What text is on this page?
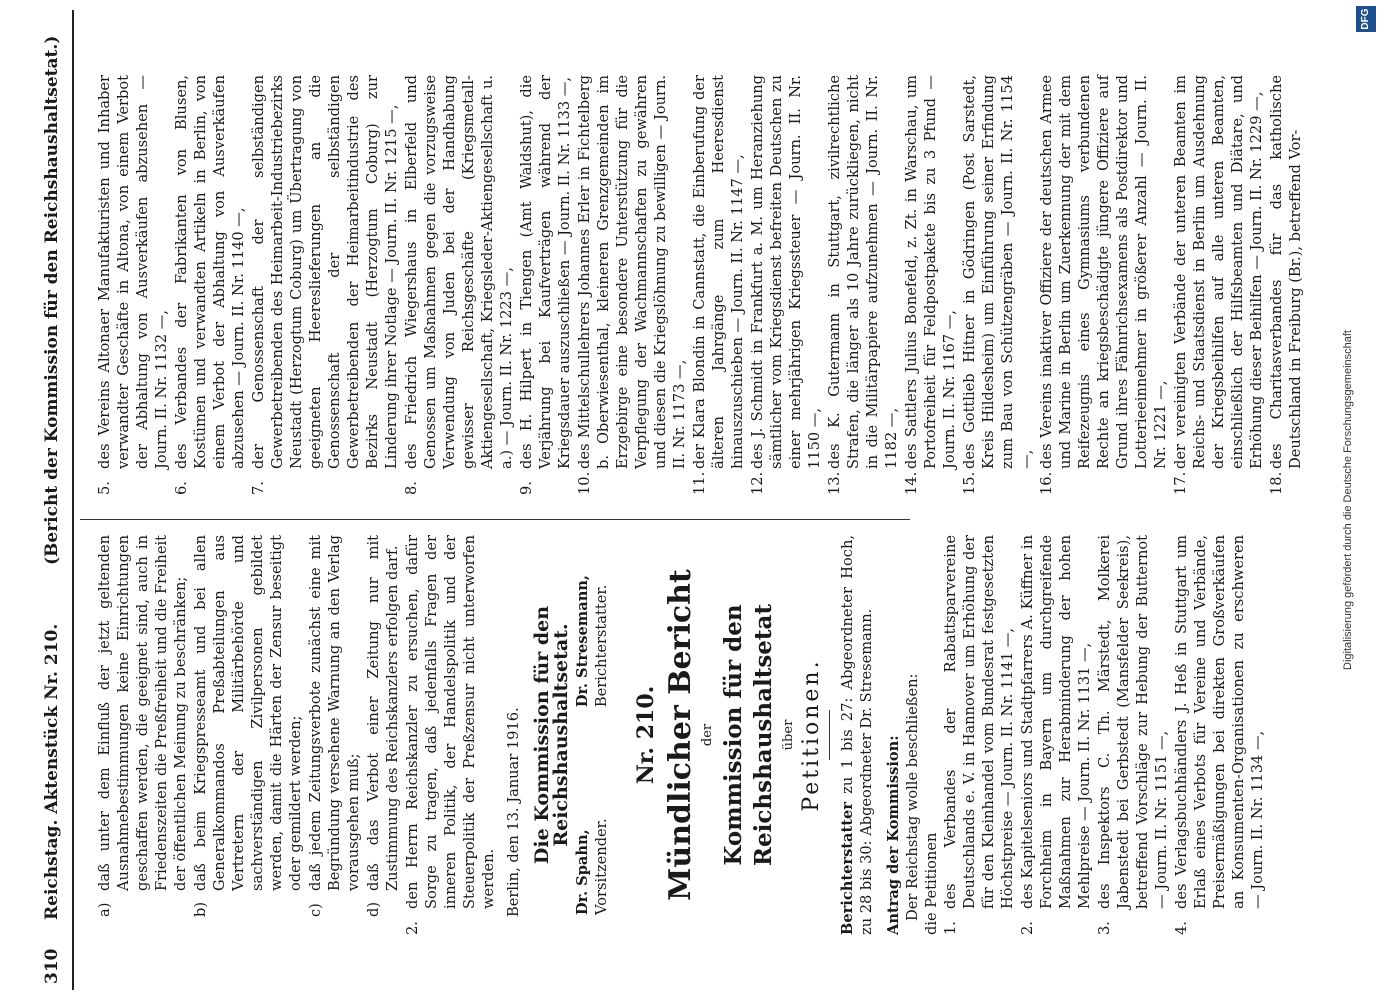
310
Reichstag. Aktenstück Nr. 210.
(Bericht der Kommission für den Reichshaushaltsetat.)
a)
daß unter dem Einfluß der jetzt geltenden Ausnahmebestimmungen keine Einrichtungen geschaffen werden, die geeignet sind, auch in Friedenszeiten die Preßfreiheit und die Freiheit der öffentlichen Meinung zu beschränken;
b)
daß beim Kriegspresseamt und bei allen Generalkommandos Preßabteilungen aus Vertretern der Militärbehörde und sachverständigen Zivilpersonen gebildet werden, damit die Härten der Zensur beseitigt oder gemildert werden;
c)
daß jedem Zeitungsverbote zunächst eine mit Begründung versehene Warnung an den Verlag vorausgehen muß;
d)
daß das Verbot einer Zeitung nur mit Zustimmung des Reichskanzlers erfolgen darf.
2.
den Herrn Reichskanzler zu ersuchen, dafür Sorge zu tragen, daß jedenfalls Fragen der inneren Politik, der Handelspolitik und der Steuerpolitik der Preßzensur nicht unterworfen werden. Berlin, den 13. Januar 1916. Die Kommission für den Reichshaushaltsetat.
Dr. Spahn, Vorsitzender.
Dr. Stresemann, Berichterstatter.
Nr. 210. Mündlicher Bericht der Kommission für den Reichshaushaltsetat über Petitionen.
Berichterstatter zu 1 bis 27: Abgeordneter Hoch, zu 28 bis 30: Abgeordneter Dr. Stresemann. Antrag der Kommission: Der Reichstag wolle beschließen: die Petitionen 1.
des Verbandes der Rabattsparvereine Deutschlands e. V. in Hannover um Erhöhung der für den Kleinhandel vom Bundesrat festgesetzten Höchstpreise — Journ. II. Nr. 1141 —,
2.
des Kapitelseniors und Stadtpfarrers A. Küffner in Forchheim in Bayern um durchgreifende Maßnahmen zur Herabminderung der hohen Mehlpreise — Journ. II. Nr. 1131 —,
3.
des Inspektors C. Th. Märstedt, Molkerei Jabenstedt bei Gerbstedt (Mansfelder Seekreis), betreffend Vorschläge zur Hebung der Butternot — Journ. II. Nr. 1151 —,
4.
des Verlagsbuchhändlers J. Heß in Stuttgart um Erlaß eines Verbots für Vereine und Verbände, Preisermäßigungen bei direkten Großverkäufen an Konsumenten-Organisationen zu erschweren — Journ. II. Nr. 1134 —,
5.
des Vereins Altonaer Manufakturisten und Inhaber verwandter Geschäfte in Altona, von einem Verbot der Abhaltung von Ausverkäufen abzusehen — Journ. II. Nr. 1132 —,
6.
des Verbandes der Fabrikanten von Blusen, Kostümen und verwandten Artikeln in Berlin, von einem Verbot der Abhaltung von Ausverkäufen abzusehen — Journ. II. Nr. 1140 —,
7.
der Genossenschaft der selbständigen Gewerbetreibenden des Heimarbeit-Industriebezirks Neustadt (Herzogtum Coburg) um Übertragung von geeigneten Heereslieferungen an die Genossenschaft der selbständigen Gewerbetreibenden der Heimarbeitindustrie des Bezirks Neustadt (Herzogtum Coburg) zur Linderung ihrer Notlage — Journ. II. Nr. 1215 —,
8.
des Friedrich Wiegershaus in Elberfeld und Genossen um Maßnahmen gegen die vorzugsweise Verwendung von Juden bei der Handhabung gewisser Reichsgeschäfte (Kriegsmetall-Aktiengesellschaft, Kriegsleder-Aktiengesellschaft u. a.) — Journ. II. Nr. 1223 —,
9.
des H. Hilpert in Tiengen (Amt Waldshut), die Verjährung bei Kaufverträgen während der Kriegsdauer auszuschließen — Journ. II. Nr. 1133 —,
10.
des Mittelschullehrers Johannes Erler in Fichtelberg b. Oberwiesenthal, kleineren Grenzgemeinden im Erzgebirge eine besondere Unterstützung für die Verpflegung der Wachmannschaften zu gewähren und diesen die Kriegslöhnung zu bewilligen — Journ. II. Nr. 1173 —,
11.
der Klara Blondin in Cannstatt, die Einberufung der älteren Jahrgänge zum Heeresdienst hinauszuschieben — Journ. II. Nr. 1147 —,
12.
des J. Schmidt in Frankfurt a. M. um Heranziehung sämtlicher vom Kriegsdienst befreiten Deutschen zu einer mehrjährigen Kriegssteuer — Journ. II. Nr. 1150 —,
13.
des K. Gutermann in Stuttgart, zivilrechtliche Strafen, die länger als 10 Jahre zurückliegen, nicht in die Militärpapiere aufzunehmen — Journ. II. Nr. 1182 —,
14.
des Sattlers Julius Bonefeld, z. Zt. in Warschau, um Portofreiheit für Feldpostpakete bis zu 3 Pfund — Journ. II. Nr. 1167 —,
15.
des Gottlieb Hitner in Gödringen (Post Sarstedt, Kreis Hildesheim) um Einführung seiner Erfindung zum Bau von Schützengräben — Journ. II. Nr. 1154 —,
16.
des Vereins inaktiver Offiziere der deutschen Armee und Marine in Berlin um Zuerkennung der mit dem Reifezeugnis eines Gymnasiums verbundenen Rechte an kriegsbeschädigte jüngere Offiziere auf Grund ihres Fähnrichsexamens als Postdirektor und Lotterieeinnehmer in größerer Anzahl — Journ. II. Nr. 1221 —,
17.
der vereinigten Verbände der unteren Beamten im Reichs- und Staatsdienst in Berlin um Ausdehnung der Kriegsbeihilfen auf alle unteren Beamten, einschließlich der Hilfsbeamten und Diätare, und Erhöhung dieser Beihilfen — Journ. II. Nr. 1229 —,
18.
des Charitasverbandes für das katholische Deutschland in Freiburg (Br.), betreffend Vor-
Digitalisierung gefördert durch die Deutsche Forschungsgemeinschaft
DFG
